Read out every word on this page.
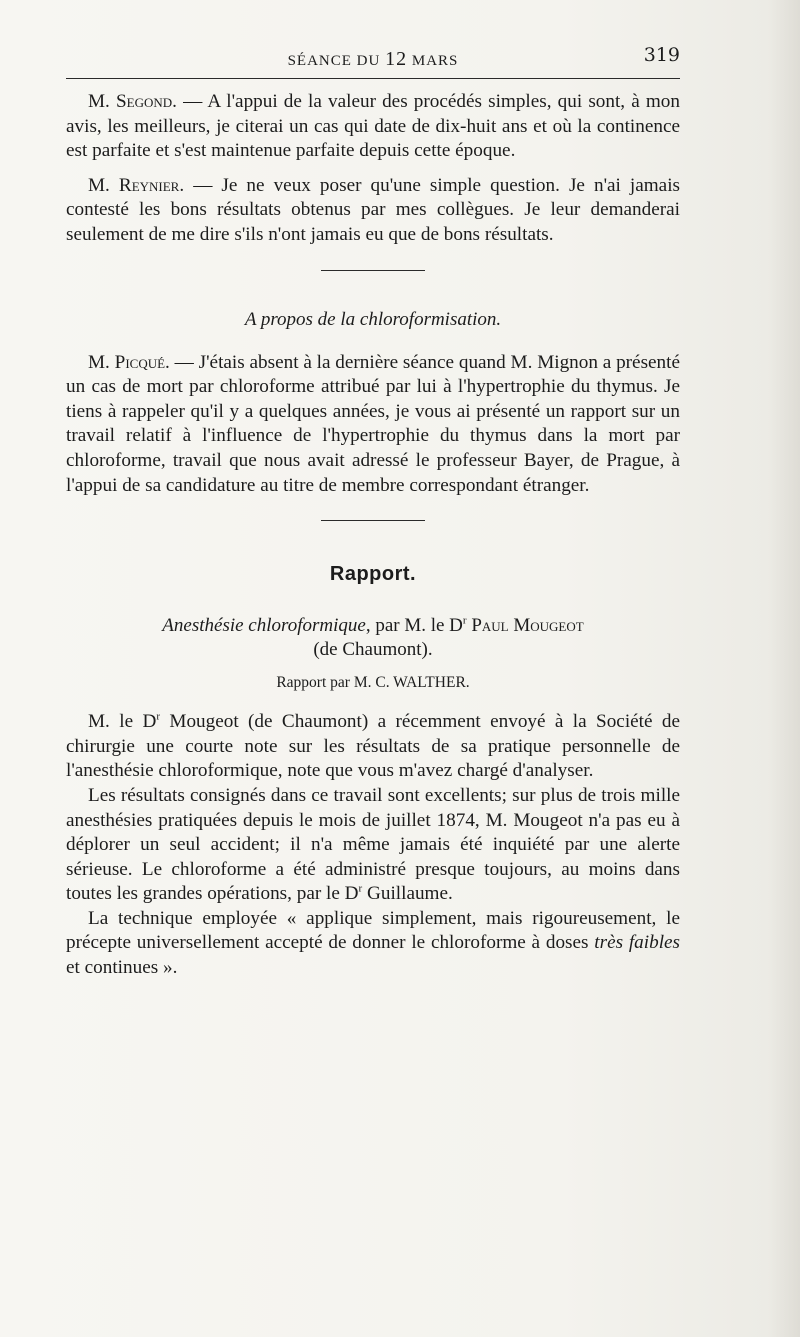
SÉANCE DU 12 MARS	319

M. Segond. — A l'appui de la valeur des procédés simples, qui sont, à mon avis, les meilleurs, je citerai un cas qui date de dix-huit ans et où la continence est parfaite et s'est maintenue parfaite depuis cette époque.

M. Reynier. — Je ne veux poser qu'une simple question. Je n'ai jamais contesté les bons résultats obtenus par mes collègues. Je leur demanderai seulement de me dire s'ils n'ont jamais eu que de bons résultats.

A propos de la chloroformisation.

M. Picqué. — J'étais absent à la dernière séance quand M. Mignon a présenté un cas de mort par chloroforme attribué par lui à l'hypertrophie du thymus. Je tiens à rappeler qu'il y a quelques années, je vous ai présenté un rapport sur un travail relatif à l'influence de l'hypertrophie du thymus dans la mort par chloroforme, travail que nous avait adressé le professeur Bayer, de Prague, à l'appui de sa candidature au titre de membre correspondant étranger.

Rapport.
Anesthésie chloroformique, par M. le $D^r$ Paul Mougeot
(de Chaumont).
Rapport par M. C. WALTHER.

M. le $D^r$ Mougeot (de Chaumont) a récemment envoyé à la Société de chirurgie une courte note sur les résultats de sa pratique personnelle de l'anesthésie chloroformique, note que vous m'avez chargé d'analyser.

Les résultats consignés dans ce travail sont excellents; sur plus de trois mille anesthésies pratiquées depuis le mois de juillet 1874, M. Mougeot n'a pas eu à déplorer un seul accident; il n'a même jamais été inquiété par une alerte sérieuse. Le chloroforme a été administré presque toujours, au moins dans toutes les grandes opérations, par le $D^r$ Guillaume.

La technique employée « applique simplement, mais rigoureusement, le précepte universellement accepté de donner le chloroforme à doses très faibles et continues ».
